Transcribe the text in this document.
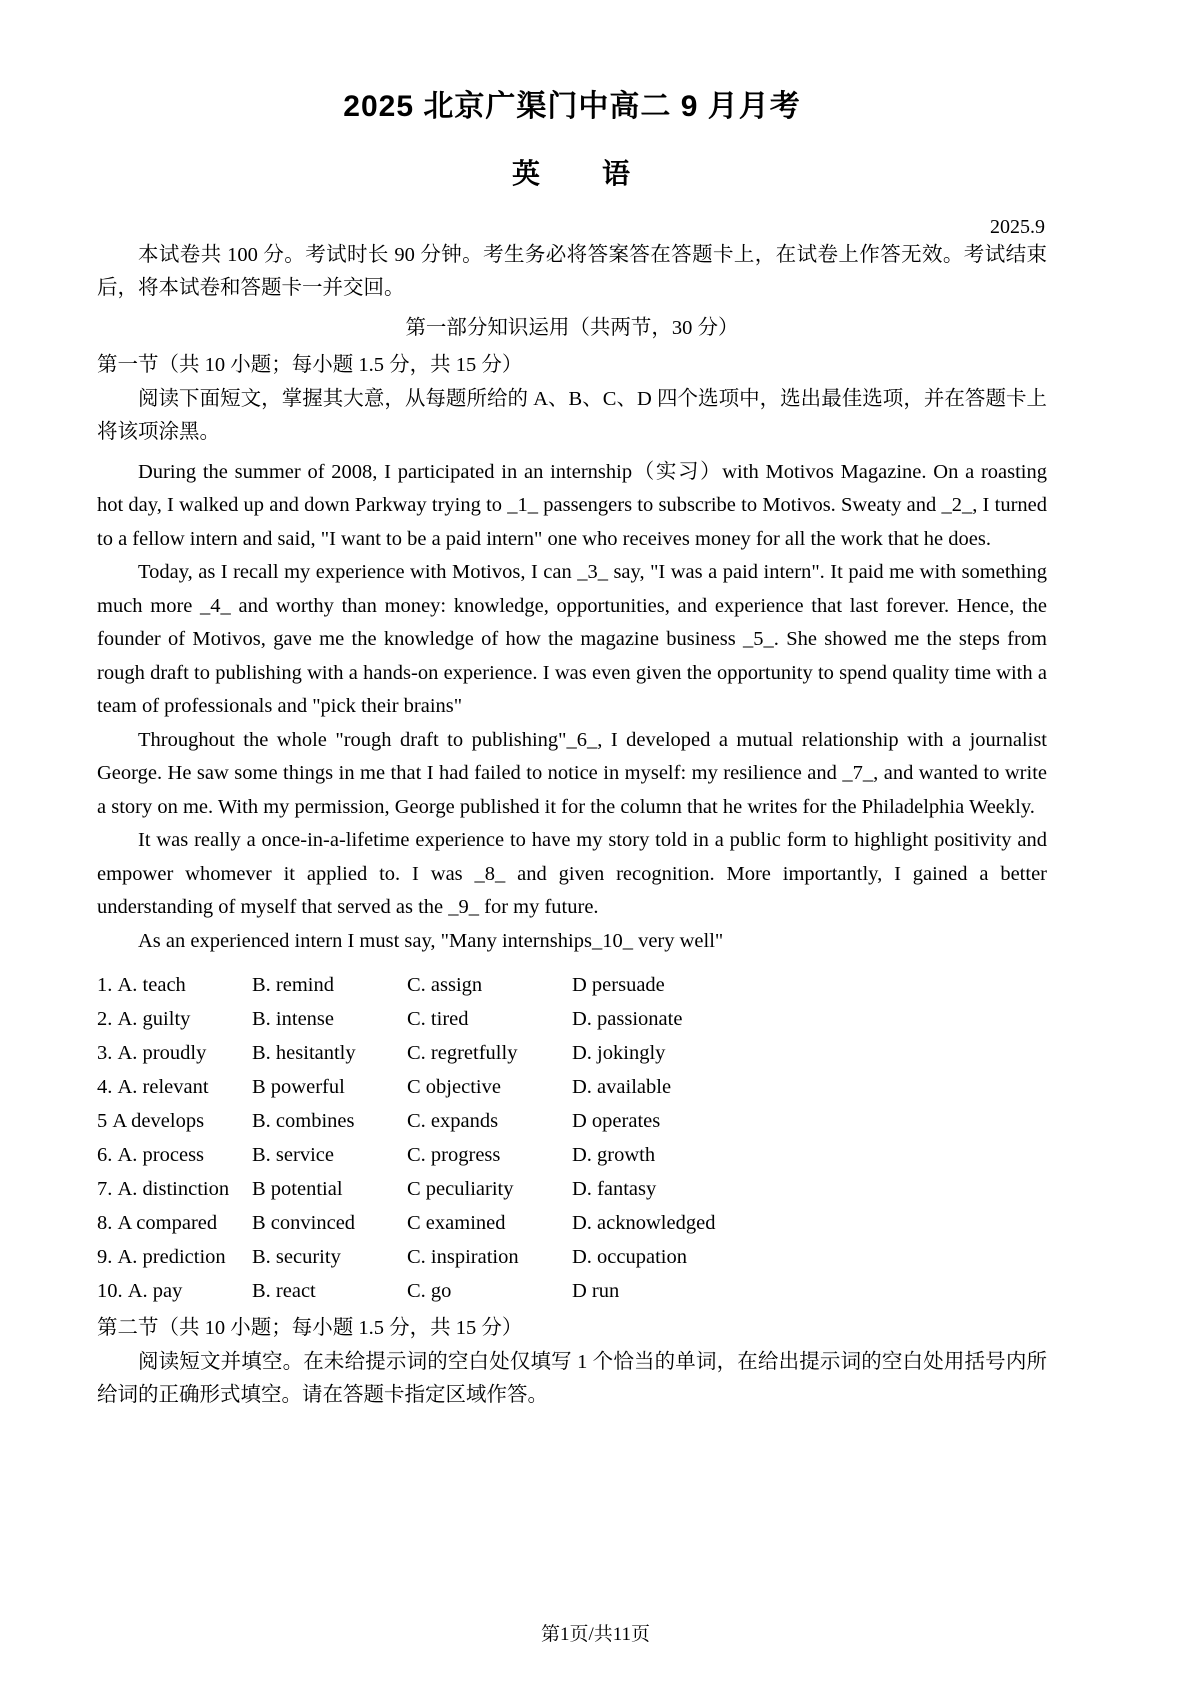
2025 北京广渠门中高二 9 月月考
英　　语
2025.9

本试卷共 100 分。考试时长 90 分钟。考生务必将答案答在答题卡上，在试卷上作答无效。考试结束后，将本试卷和答题卡一并交回。

第一部分知识运用（共两节，30 分）

第一节（共 10 小题；每小题 1.5 分，共 15 分）

阅读下面短文，掌握其大意，从每题所给的 A、B、C、D 四个选项中，选出最佳选项，并在答题卡上将该项涂黑。

During the summer of 2008, I participated in an internship（实习）with Motivos Magazine. On a roasting hot day, I walked up and down Parkway trying to _1_ passengers to subscribe to Motivos. Sweaty and _2_, I turned to a fellow intern and said, "I want to be a paid intern" one who receives money for all the work that he does.

Today, as I recall my experience with Motivos, I can _3_ say, "I was a paid intern". It paid me with something much more _4_ and worthy than money: knowledge, opportunities, and experience that last forever. Hence, the founder of Motivos, gave me the knowledge of how the magazine business _5_. She showed me the steps from rough draft to publishing with a hands-on experience. I was even given the opportunity to spend quality time with a team of professionals and "pick their brains"

Throughout the whole "rough draft to publishing"_6_, I developed a mutual relationship with a journalist George. He saw some things in me that I had failed to notice in myself: my resilience and _7_, and wanted to write a story on me. With my permission, George published it for the column that he writes for the Philadelphia Weekly.

It was really a once-in-a-lifetime experience to have my story told in a public form to highlight positivity and empower whomever it applied to. I was _8_ and given recognition. More importantly, I gained a better understanding of myself that served as the _9_ for my future.

As an experienced intern I must say, "Many internships_10_ very well"

1. A. teach	B. remind	C. assign	D persuade
2. A. guilty	B. intense	C. tired	D. passionate
3. A. proudly	B. hesitantly	C. regretfully	D. jokingly
4. A. relevant	B powerful	C objective	D. available
5 A develops	B. combines	C. expands	D operates
6. A. process	B. service	C. progress	D. growth
7. A. distinction	B potential	C peculiarity	D. fantasy
8. A compared	B convinced	C examined	D. acknowledged
9. A. prediction	B. security	C. inspiration	D. occupation
10. A. pay	B. react	C. go	D run

第二节（共 10 小题；每小题 1.5 分，共 15 分）

阅读短文并填空。在未给提示词的空白处仅填写 1 个恰当的单词，在给出提示词的空白处用括号内所给词的正确形式填空。请在答题卡指定区域作答。

第1页/共11页
